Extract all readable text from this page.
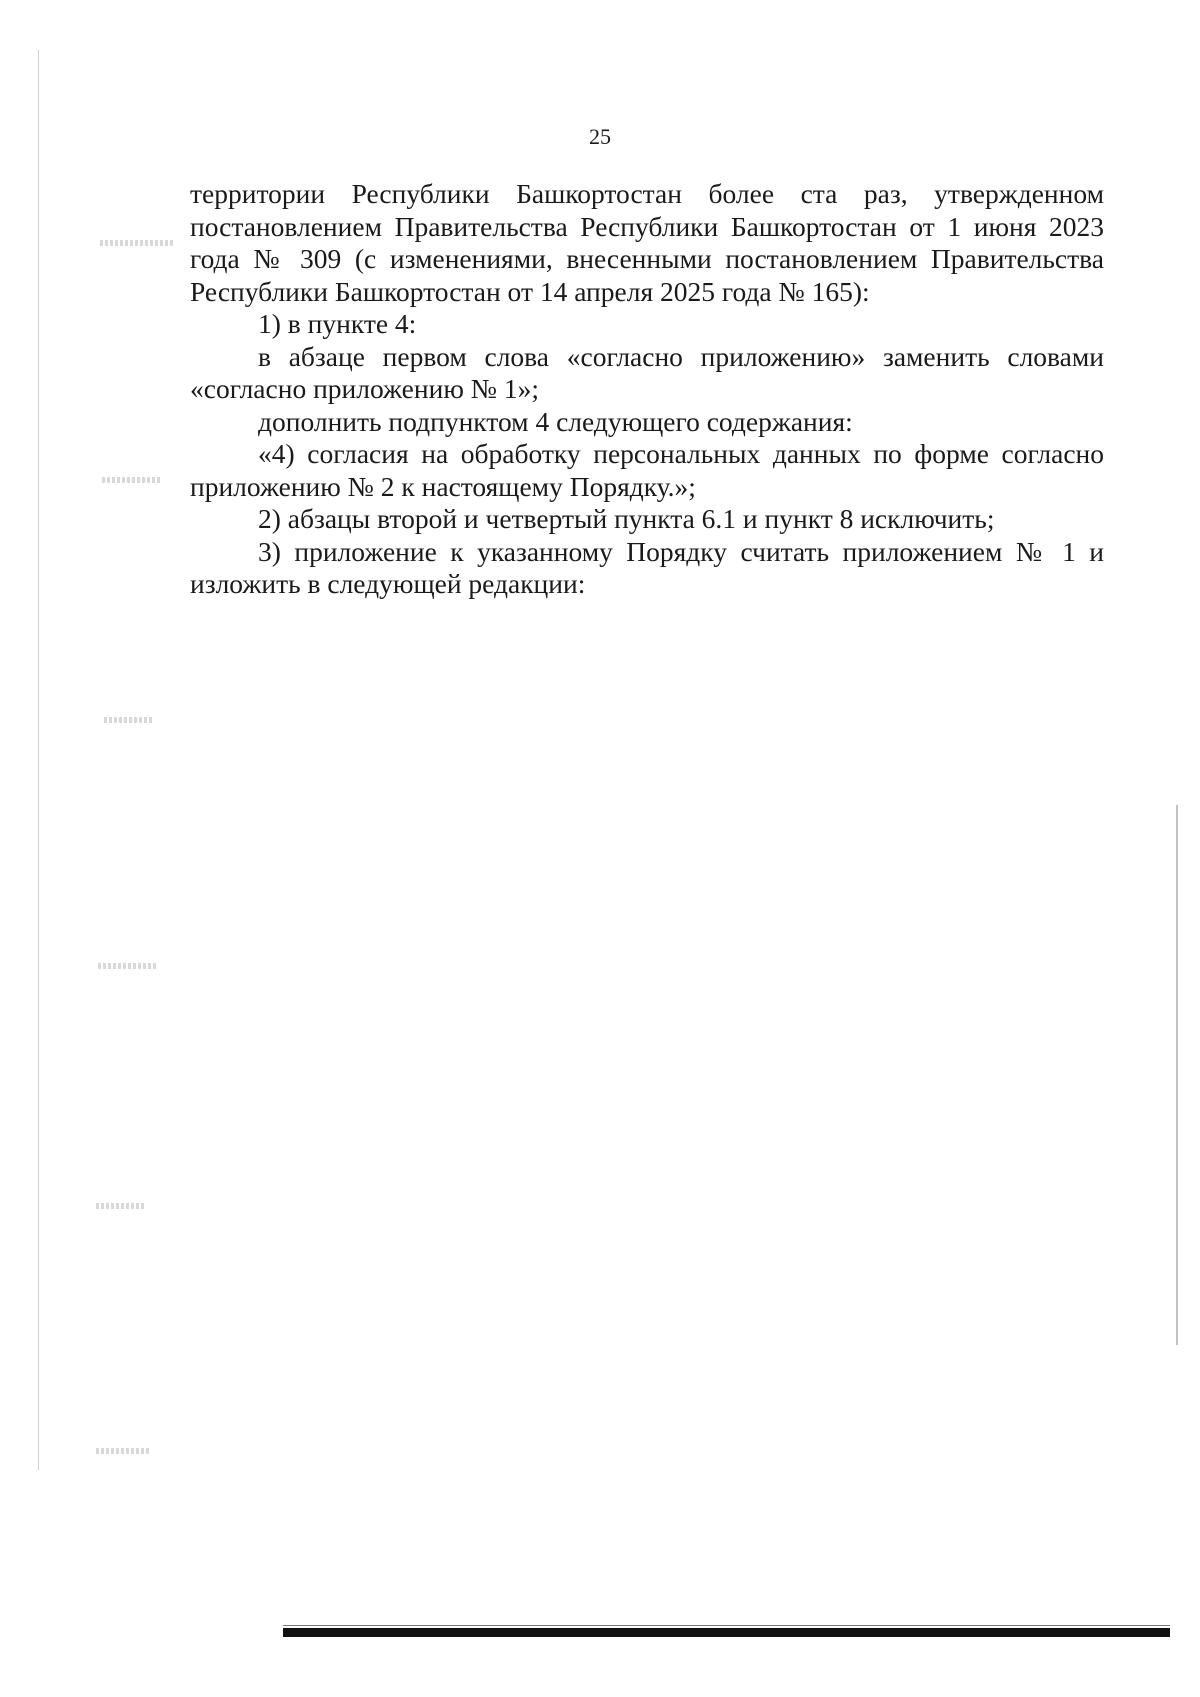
25

территории Республики Башкортостан более ста раз, утвержденном постановлением Правительства Республики Башкортостан от 1 июня 2023 года № 309 (с изменениями, внесенными постановлением Правительства Республики Башкортостан от 14 апреля 2025 года № 165):

1) в пункте 4:

в абзаце первом слова «согласно приложению» заменить словами «согласно приложению № 1»;

дополнить подпунктом 4 следующего содержания:

«4) согласия на обработку персональных данных по форме согласно приложению № 2 к настоящему Порядку.»;

2) абзацы второй и четвертый пункта 6.1 и пункт 8 исключить;

3) приложение к указанному Порядку считать приложением № 1 и изложить в следующей редакции:
